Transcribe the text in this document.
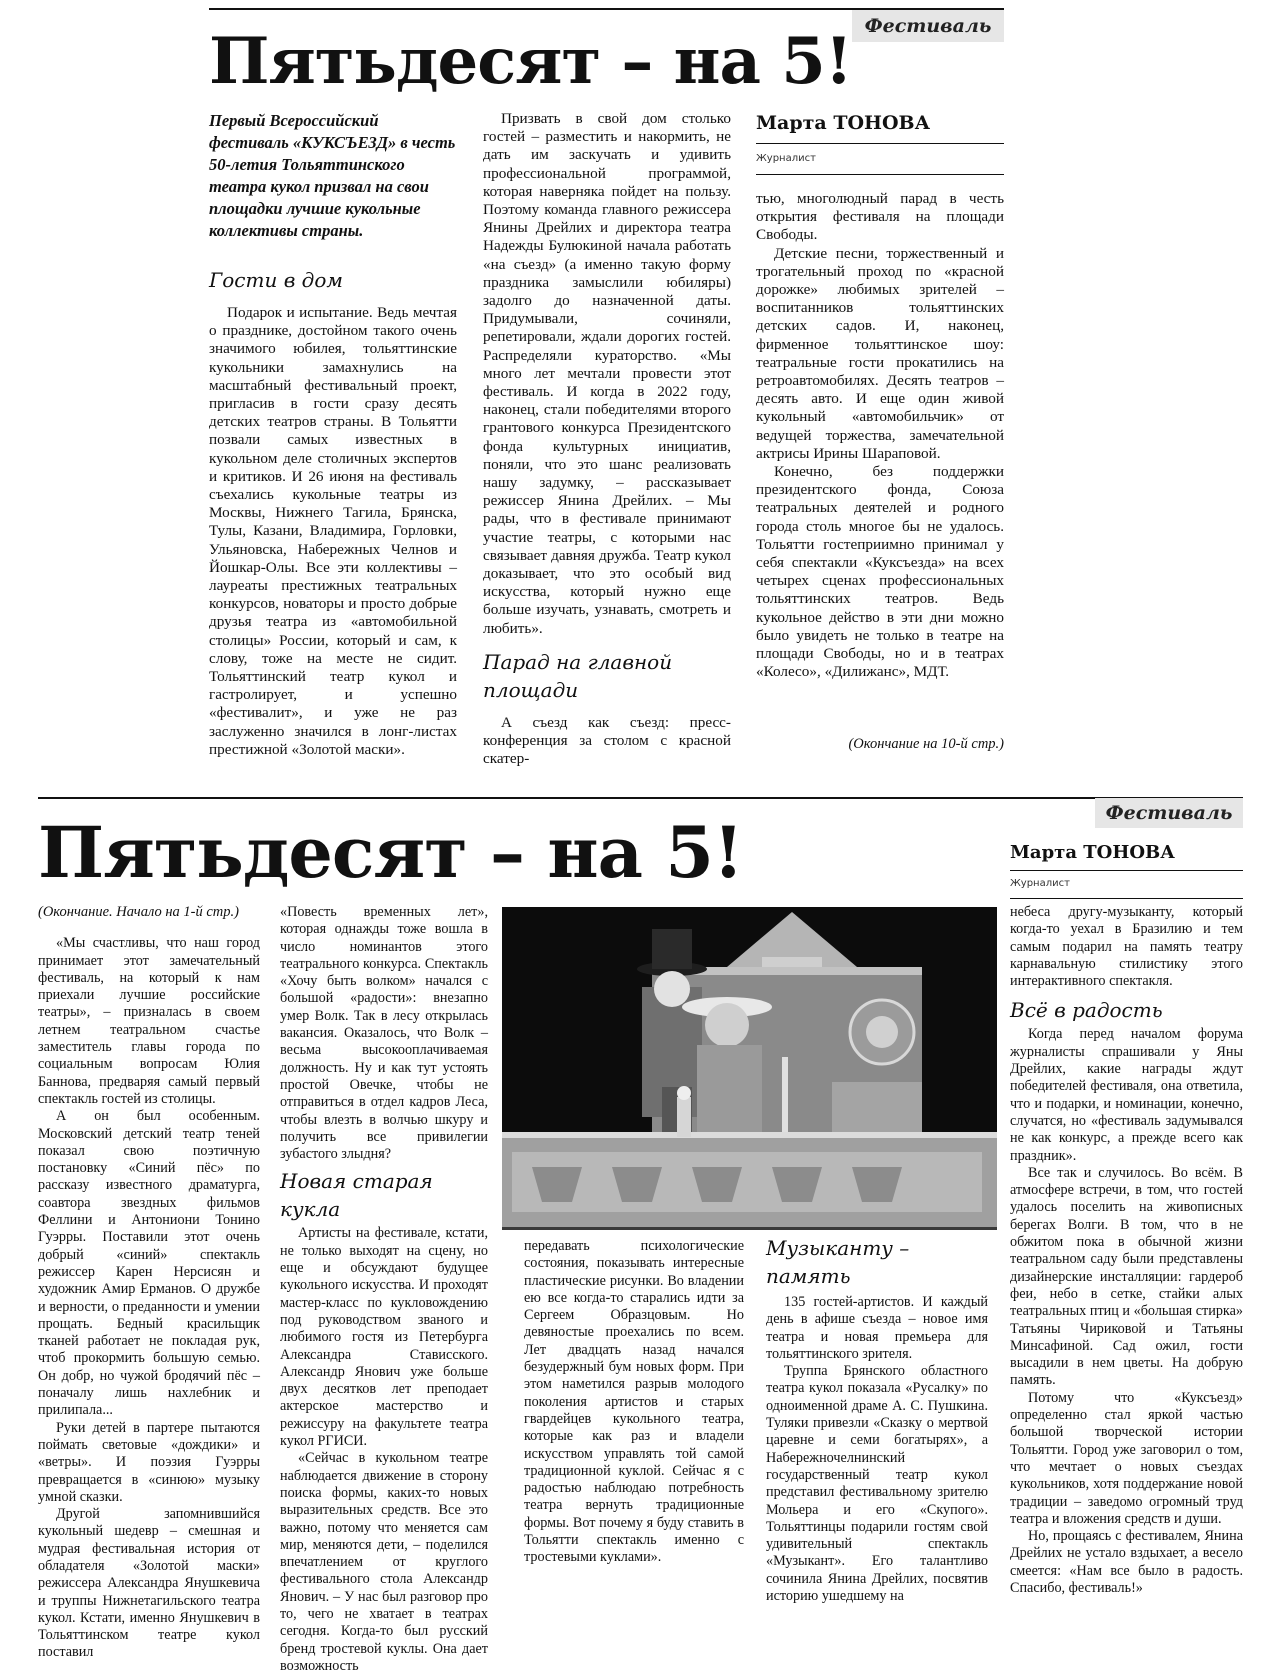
Фестиваль
Пятьдесят – на 5!

Первый Всероссийский фестиваль «КУКСЪЕЗД» в честь 50-летия Тольяттинского театра кукол призвал на свои площадки лучшие кукольные коллективы страны.

Гости в дом

Подарок и испытание. Ведь мечтая о празднике, достойном такого очень значимого юбилея, тольяттинские кукольники замахнулись на масштабный фестивальный проект, пригласив в гости сразу десять детских театров страны. В Тольятти позвали самых известных в кукольном деле столичных экспертов и критиков. И 26 июня на фестиваль съехались кукольные театры из Москвы, Нижнего Тагила, Брянска, Тулы, Казани, Владимира, Горловки, Ульяновска, Набережных Челнов и Йошкар-Олы. Все эти коллективы – лауреаты престижных театральных конкурсов, новаторы и просто добрые друзья театра из «автомобильной столицы» России, который и сам, к слову, тоже на месте не сидит. Тольяттинский театр кукол и гастролирует, и успешно «фестивалит», и уже не раз заслуженно значился в лонг-листах престижной «Золотой маски».

Призвать в свой дом столько гостей – разместить и накормить, не дать им заскучать и удивить профессиональной программой, которая наверняка пойдет на пользу. Поэтому команда главного режиссера Янины Дрейлих и директора театра Надежды Булюкиной начала работать «на съезд» (а именно такую форму праздника замыслили юбиляры) задолго до назначенной даты. Придумывали, сочиняли, репетировали, ждали дорогих гостей. Распределяли кураторство. «Мы много лет мечтали провести этот фестиваль. И когда в 2022 году, наконец, стали победителями второго грантового конкурса Президентского фонда культурных инициатив, поняли, что это шанс реализовать нашу задумку, – рассказывает режиссер Янина Дрейлих. – Мы рады, что в фестивале принимают участие театры, с которыми нас связывает давняя дружба. Театр кукол доказывает, что это особый вид искусства, который нужно еще больше изучать, узнавать, смотреть и любить».

Парад на главной площади

А съезд как съезд: пресс-конференция за столом с красной скатер-

Марта ТОНОВА
Журналист

тью, многолюдный парад в честь открытия фестиваля на площади Свободы.

Детские песни, торжественный и трогательный проход по «красной дорожке» любимых зрителей – воспитанников тольяттинских детских садов. И, наконец, фирменное тольяттинское шоу: театральные гости прокатились на ретроавтомобилях. Десять театров – десять авто. И еще один живой кукольный «автомобильчик» от ведущей торжества, замечательной актрисы Ирины Шараповой.

Конечно, без поддержки президентского фонда, Союза театральных деятелей и родного города столь многое бы не удалось. Тольятти гостеприимно принимал у себя спектакли «Куксъезда» на всех четырех сценах профессиональных тольяттинских театров. Ведь кукольное действо в эти дни можно было увидеть не только в театре на площади Свободы, но и в театрах «Колесо», «Дилижанс», МДТ.

(Окончание на 10-й стр.)
Фестиваль
Пятьдесят – на 5!	Марта ТОНОВА
Журналист

(Окончание. Начало на 1-й стр.)

«Мы счастливы, что наш город принимает этот замечательный фестиваль, на который к нам приехали лучшие российские театры», – призналась в своем летнем театральном счастье заместитель главы города по социальным вопросам Юлия Баннова, предваряя самый первый спектакль гостей из столицы.

А он был особенным. Московский детский театр теней показал свою поэтичную постановку «Синий пёс» по рассказу известного драматурга, соавтора звездных фильмов Феллини и Антониони Тонино Гуэрры. Поставили этот очень добрый «синий» спектакль режиссер Карен Нерсисян и художник Амир Ерманов. О дружбе и верности, о преданности и умении прощать. Бедный красильщик тканей работает не покладая рук, чтоб прокормить большую семью. Он добр, но чужой бродячий пёс – поначалу лишь нахлебник и прилипала...

Руки детей в партере пытаются поймать световые «дождики» и «ветры». И поэзия Гуэрры превращается в «синюю» музыку умной сказки.

Другой запомнившийся кукольный шедевр – смешная и мудрая фестивальная история от обладателя «Золотой маски» режиссера Александра Янушкевича и труппы Нижнетагильского театра кукол. Кстати, именно Янушкевич в Тольяттинском театре кукол поставил

«Повесть временных лет», которая однажды тоже вошла в число номинантов этого театрального конкурса. Спектакль «Хочу быть волком» начался с большой «радости»: внезапно умер Волк. Так в лесу открылась вакансия. Оказалось, что Волк – весьма высокооплачиваемая должность. Ну и как тут устоять простой Овечке, чтобы не отправиться в отдел кадров Леса, чтобы влезть в волчью шкуру и получить все привилегии зубастого злыдня?

Новая старая кукла

Артисты на фестивале, кстати, не только выходят на сцену, но еще и обсуждают будущее кукольного искусства. И проходят мастер-класс по кукловождению под руководством званого и любимого гостя из Петербурга Александра Стависского. Александр Янович уже больше двух десятков лет преподает актерское мастерство и режиссуру на факультете театра кукол РГИСИ.

«Сейчас в кукольном театре наблюдается движение в сторону поиска формы, каких-то новых выразительных средств. Все это важно, потому что меняется сам мир, меняются дети, – поделился впечатлением от круглого фестивального стола Александр Янович. – У нас был разговор про то, чего не хватает в театрах сегодня. Когда-то был русский бренд тростевой куклы. Она дает возможность

передавать психологические состояния, показывать интересные пластические рисунки. Во владении ею все когда-то старались идти за Сергеем Образцовым. Но девяностые проехались по всем. Лет двадцать назад начался безудержный бум новых форм. При этом наметился разрыв молодого поколения артистов и старых гвардейцев кукольного театра, которые как раз и владели искусством управлять той самой традиционной куклой. Сейчас я с радостью наблюдаю потребность театра вернуть традиционные формы. Вот почему я буду ставить в Тольятти спектакль именно с тростевыми куклами».

Музыканту – память

135 гостей-артистов. И каждый день в афише съезда – новое имя театра и новая премьера для тольяттинского зрителя.

Труппа Брянского областного театра кукол показала «Русалку» по одноименной драме А. С. Пушкина. Туляки привезли «Сказку о мертвой царевне и семи богатырях», а Набережночелнинский государственный театр кукол представил фестивальному зрителю Мольера и его «Скупого». Тольяттинцы подарили гостям свой удивительный спектакль «Музыкант». Его талантливо сочинила Янина Дрейлих, посвятив историю ушедшему на

небеса другу-музыканту, который когда-то уехал в Бразилию и тем самым подарил на память театру карнавальную стилистику этого интерактивного спектакля.

Всё в радость

Когда перед началом форума журналисты спрашивали у Яны Дрейлих, какие награды ждут победителей фестиваля, она ответила, что и подарки, и номинации, конечно, случатся, но «фестиваль задумывался не как конкурс, а прежде всего как праздник».

Все так и случилось. Во всём. В атмосфере встречи, в том, что гостей удалось поселить на живописных берегах Волги. В том, что в не обжитом пока в обычной жизни театральном саду были представлены дизайнерские инсталляции: гардероб феи, небо в сетке, стайки алых театральных птиц и «большая стирка» Татьяны Чириковой и Татьяны Минсафиной. Сад ожил, гости высадили в нем цветы. На добрую память.

Потому что «Куксъезд» определенно стал яркой частью большой творческой истории Тольятти. Город уже заговорил о том, что мечтает о новых съездах кукольников, хотя поддержание новой традиции – заведомо огромный труд театра и вложения средств и души.

Но, прощаясь с фестивалем, Янина Дрейлих не устало вздыхает, а весело смеется: «Нам все было в радость. Спасибо, фестиваль!»
